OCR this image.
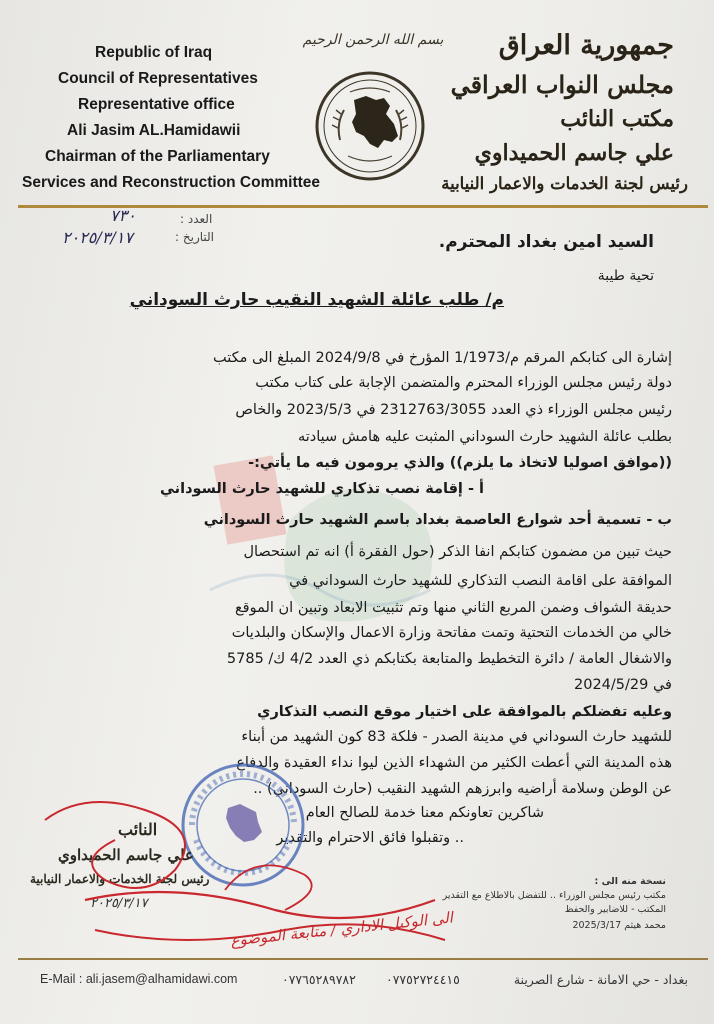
Republic of Iraq
Council of Representatives
Representative office
Ali Jasim AL.Hamidawii
Chairman of the Parliamentary
Services and Reconstruction Committee
بسم الله الرحمن الرحيم	جمهورية العراق
مجلس النواب العراقي
مكتب النائب
علي جاسم الحميداوي
رئيس لجنة الخدمات والاعمار النيابية
العدد :
٧٣٠
التاريخ :
٢٠٢٥/٣/١٧	السيد امين بغداد المحترم.
تحية طيبة
م/ طلب عائلة الشهيد النقيب حارث السوداني
إشارة الى كتابكم المرقم م/1/1973 المؤرخ في 2024/9/8 المبلغ الى مكتب
دولة رئيس مجلس الوزراء المحترم والمتضمن الإجابة على كتاب مكتب
رئيس مجلس الوزراء ذي العدد 2312763/3055 في 2023/5/3 والخاص
بطلب عائلة الشهيد حارث السوداني المثبت عليه هامش سيادته
((موافق اصوليا لاتخاذ ما يلزم)) والذي يرومون فيه ما يأتي:-
أ - إقامة نصب تذكاري للشهيد حارث السوداني
ب - تسمية أحد شوارع العاصمة بغداد باسم الشهيد حارث السوداني
حيث تبين من مضمون كتابكم انفا الذكر (حول الفقرة أ) انه تم استحصال
الموافقة على اقامة النصب التذكاري للشهيد حارث السوداني في
حديقة الشواف وضمن المربع الثاني منها وتم تثبيت الابعاد وتبين ان الموقع
خالي من الخدمات التحتية وتمت مفاتحة وزارة الاعمال والإسكان والبلديات
والاشغال العامة / دائرة التخطيط والمتابعة بكتابكم ذي العدد 4/2 ك/ 5785
في 2024/5/29
وعليه تفضلكم بالموافقة على اختيار موقع النصب التذكاري
للشهيد حارث السوداني في مدينة الصدر - فلكة 83 كون الشهيد من أبناء
هذه المدينة التي أعطت الكثير من الشهداء الذين ليوا نداء العقيدة والدفاع
عن الوطن وسلامة أراضيه وابرزهم الشهيد النقيب (حارث السوداني) ..
شاكرين تعاونكم معنا خدمة للصالح العام
.. وتقبلوا فائق الاحترام والتقدير
النائب
علي جاسم الحميداوي
رئيس لجنة الخدمات والاعمار النيابية
٢٠٢٥/٣/١٧
الى الوكيل الاداري / متابعة الموضوع
نسخة منه الى :
مكتب رئيس مجلس الوزراء .. للتفضل بالاطلاع مع التقدير
المكتب - للاضابير والحفظ
محمد هيثم 2025/3/17
E-Mail : ali.jasem@alhamidawi.com	٠٧٧٦٥٢٨٩٧٨٢ ٠٧٧٥٢٧٢٤٤١٥	بغداد - حي الامانة - شارع الصرينة
